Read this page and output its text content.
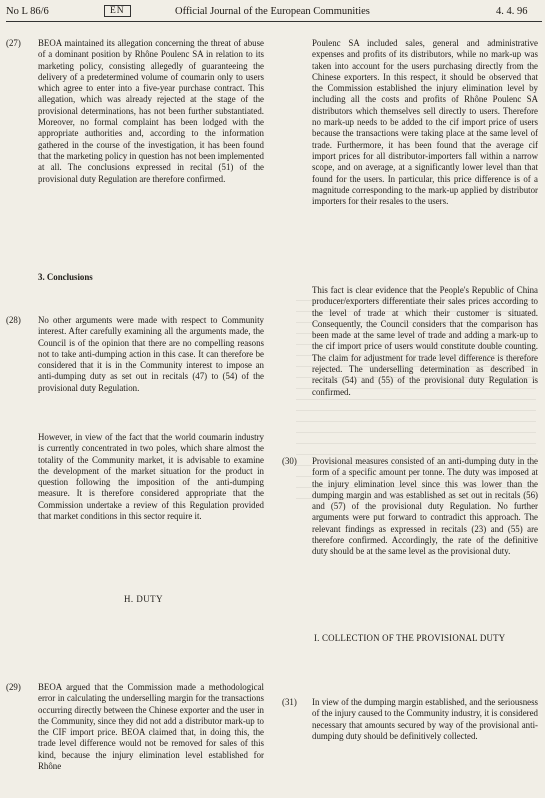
No L 86/6	EN	Official Journal of the European Communities	4. 4. 96
(27) BEOA maintained its allegation concerning the threat of abuse of a dominant position by Rhône Poulenc SA in relation to its marketing policy, consisting allegedly of guaranteeing the delivery of a predetermined volume of coumarin only to users which agree to enter into a five-year purchase contract. This allegation, which was already rejected at the stage of the provisional determinations, has not been further substantiated. Moreover, no formal complaint has been lodged with the appropriate authorities and, according to the information gathered in the course of the investigation, it has been found that the marketing policy in question has not been implemented at all. The conclusions expressed in recital (51) of the provisional duty Regulation are therefore confirmed.
3. Conclusions
(28) No other arguments were made with respect to Community interest. After carefully examining all the arguments made, the Council is of the opinion that there are no compelling reasons not to take anti-dumping action in this case. It can therefore be considered that it is in the Community interest to impose an anti-dumping duty as set out in recitals (47) to (54) of the provisional duty Regulation.
However, in view of the fact that the world coumarin industry is currently concentrated in two poles, which share almost the totality of the Community market, it is advisable to examine the development of the market situation for the product in question following the imposition of the anti-dumping measure. It is therefore considered appropriate that the Commission undertake a review of this Regulation provided that market conditions in this sector require it.
H. DUTY
(29) BEOA argued that the Commission made a methodological error in calculating the underselling margin for the transactions occurring directly between the Chinese exporter and the user in the Community, since they did not add a distributor mark-up to the CIF import price. BEOA claimed that, in doing this, the trade level difference would not be removed for sales of this kind, because the injury elimination level established for Rhône
Poulenc SA included sales, general and administrative expenses and profits of its distributors, while no mark-up was taken into account for the users purchasing directly from the Chinese exporters. In this respect, it should be observed that the Commission established the injury elimination level by including all the costs and profits of Rhône Poulenc SA distributors which themselves sell directly to users. Therefore no mark-up needs to be added to the cif import price of users because the transactions were taking place at the same level of trade. Furthermore, it has been found that the average cif import prices for all distributor-importers fall within a narrow scope, and on average, at a significantly lower level than that found for the users. In particular, this price difference is of a magnitude corresponding to the mark-up applied by distributor importers for their resales to the users.
This fact is clear evidence that the People's Republic of China producer/exporters differentiate their sales prices according to the level of trade at which their customer is situated. Consequently, the Council considers that the comparison has been made at the same level of trade and adding a mark-up to the cif import price of users would constitute double counting. The claim for adjustment for trade level difference is therefore rejected. The underselling determination as described in recitals (54) and (55) of the provisional duty Regulation is confirmed.
(30) Provisional measures consisted of an anti-dumping duty in the form of a specific amount per tonne. The duty was imposed at the injury elimination level since this was lower than the dumping margin and was established as set out in recitals (56) and (57) of the provisional duty Regulation. No further arguments were put forward to contradict this approach. The relevant findings as expressed in recitals (23) and (55) are therefore confirmed. Accordingly, the rate of the definitive duty should be at the same level as the provisional duty.
I. COLLECTION OF THE PROVISIONAL DUTY
(31) In view of the dumping margin established, and the seriousness of the injury caused to the Community industry, it is considered necessary that amounts secured by way of the provisional anti-dumping duty should be definitively collected.
